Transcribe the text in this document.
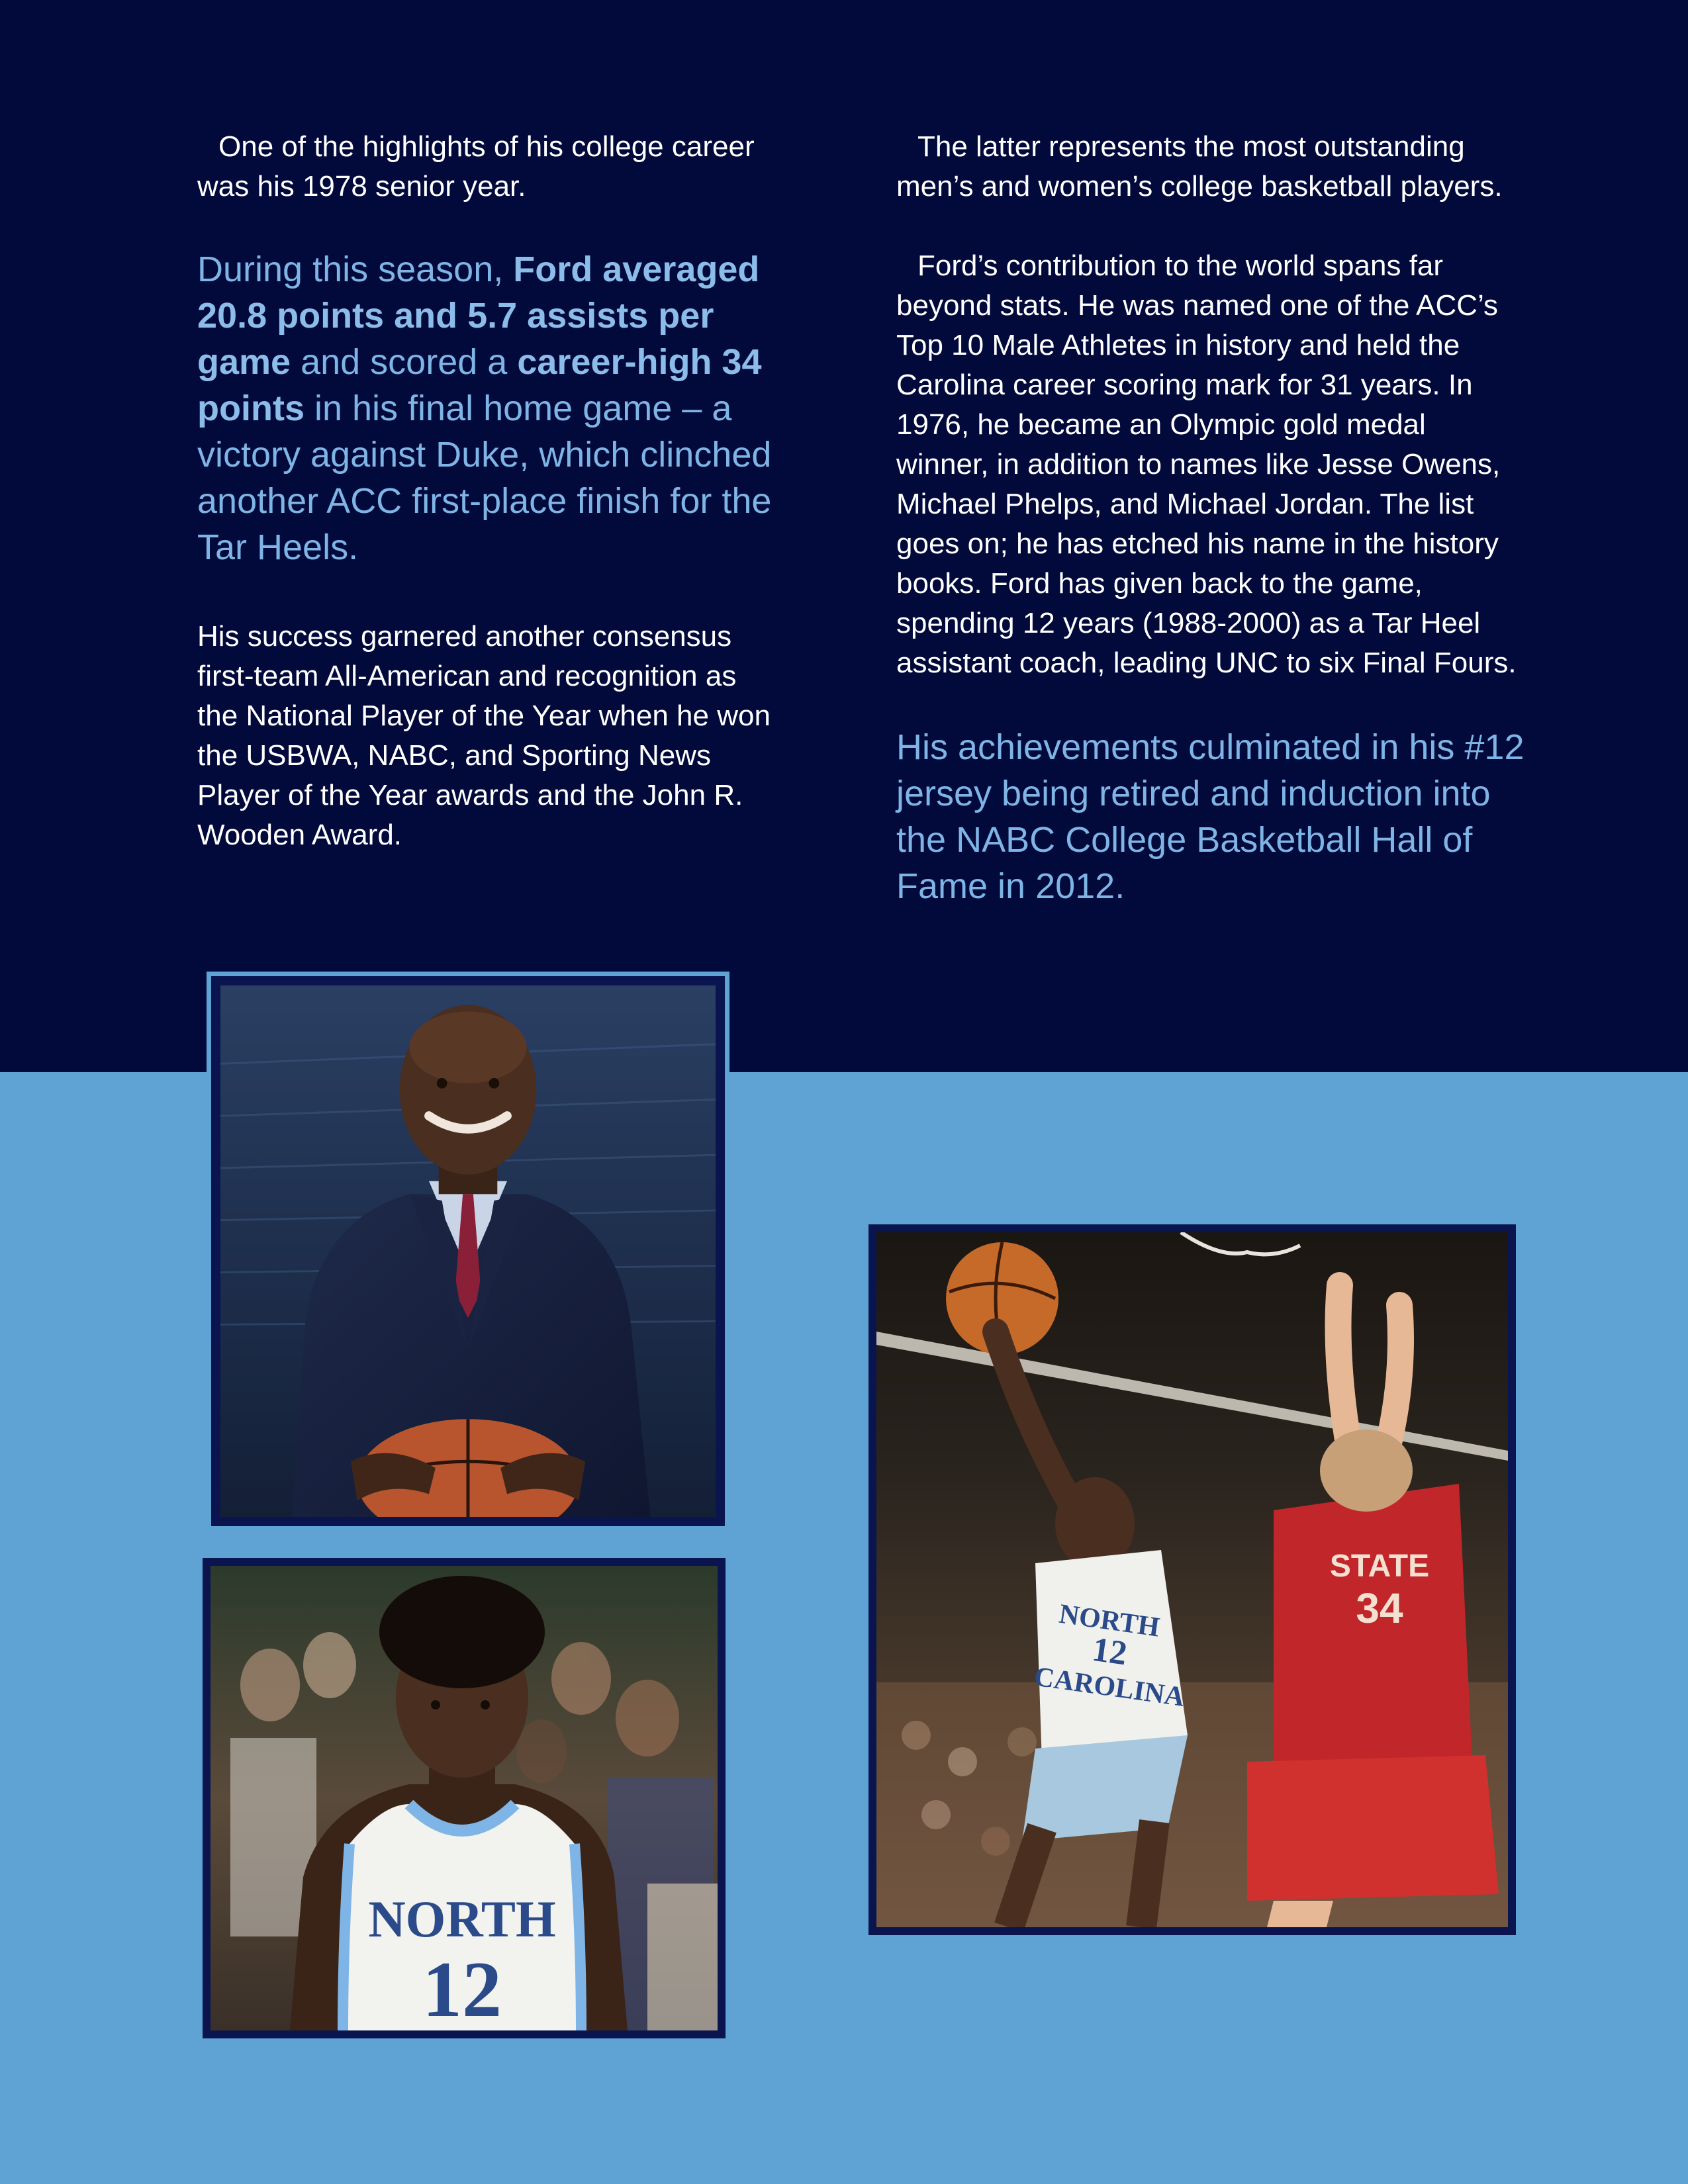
One of the highlights of his college career was his 1978 senior year.

During this season, Ford averaged 20.8 points and 5.7 assists per game and scored a career-high 34 points in his final home game – a victory against Duke, which clinched another ACC first-place finish for the Tar Heels.

His success garnered another consensus first-team All-American and recognition as the National Player of the Year when he won the USBWA, NABC, and Sporting News Player of the Year awards and the John R. Wooden Award.

The latter represents the most outstanding men’s and women’s college basketball players.

Ford’s contribution to the world spans far beyond stats. He was named one of the ACC’s Top 10 Male Athletes in history and held the Carolina career scoring mark for 31 years. In 1976, he became an Olympic gold medal winner, in addition to names like Jesse Owens, Michael Phelps, and Michael Jordan. The list goes on; he has etched his name in the history books. Ford has given back to the game, spending 12 years (1988-2000) as a Tar Heel assistant coach, leading UNC to six Final Fours.

His achievements culminated in his #12 jersey being retired and induction into the NABC College Basketball Hall of Fame in 2012.

NORTH
12
NORTH
12
CAROLINA
STATE
34
